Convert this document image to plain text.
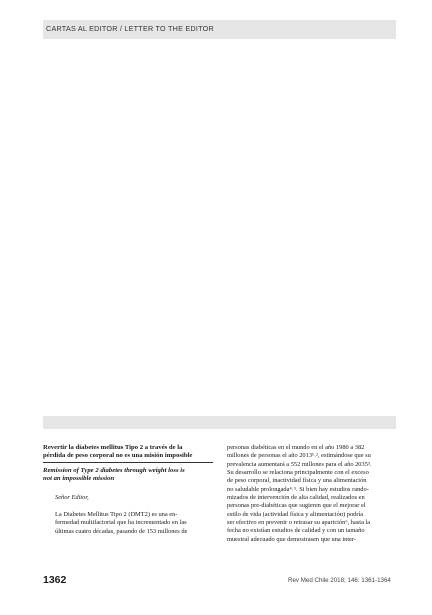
CARTAS AL EDITOR / LETTER TO THE EDITOR
Revertir la diabetes mellitus Tipo 2 a través de la
pérdida de peso corporal no es una misión imposible
Remission of Type 2 diabetes through weight loss is
not an impossible mission
Señor Editor,
La Diabetes Mellitus Tipo 2 (DMT2) es una en-
fermedad multifactorial que ha incrementado en las
últimas cuatro décadas, pasando de 153 millones de
personas diabéticas en el mundo en el año 1980 a 382
millones de personas el año 2013¹˒², estimándose que su
prevalencia aumentará a 552 millones para el año 2035³.
Su desarrollo se relaciona principalmente con el exceso
de peso corporal, inactividad física y una alimentación
no saludable prolongada⁴˒⁵. Si bien hay estudios rando-
mizados de intervención de alta calidad, realizados en
personas pre-diabéticas que sugieren que el mejorar el
estilo de vida (actividad física y alimentación) podría
ser efectivo en prevenir o retrasar su aparición⁶, hasta la
fecha no existían estudios de calidad y con un tamaño
muestral adecuado que demostrasen que una inter-
1362	Rev Med Chile 2018; 146: 1361-1364
